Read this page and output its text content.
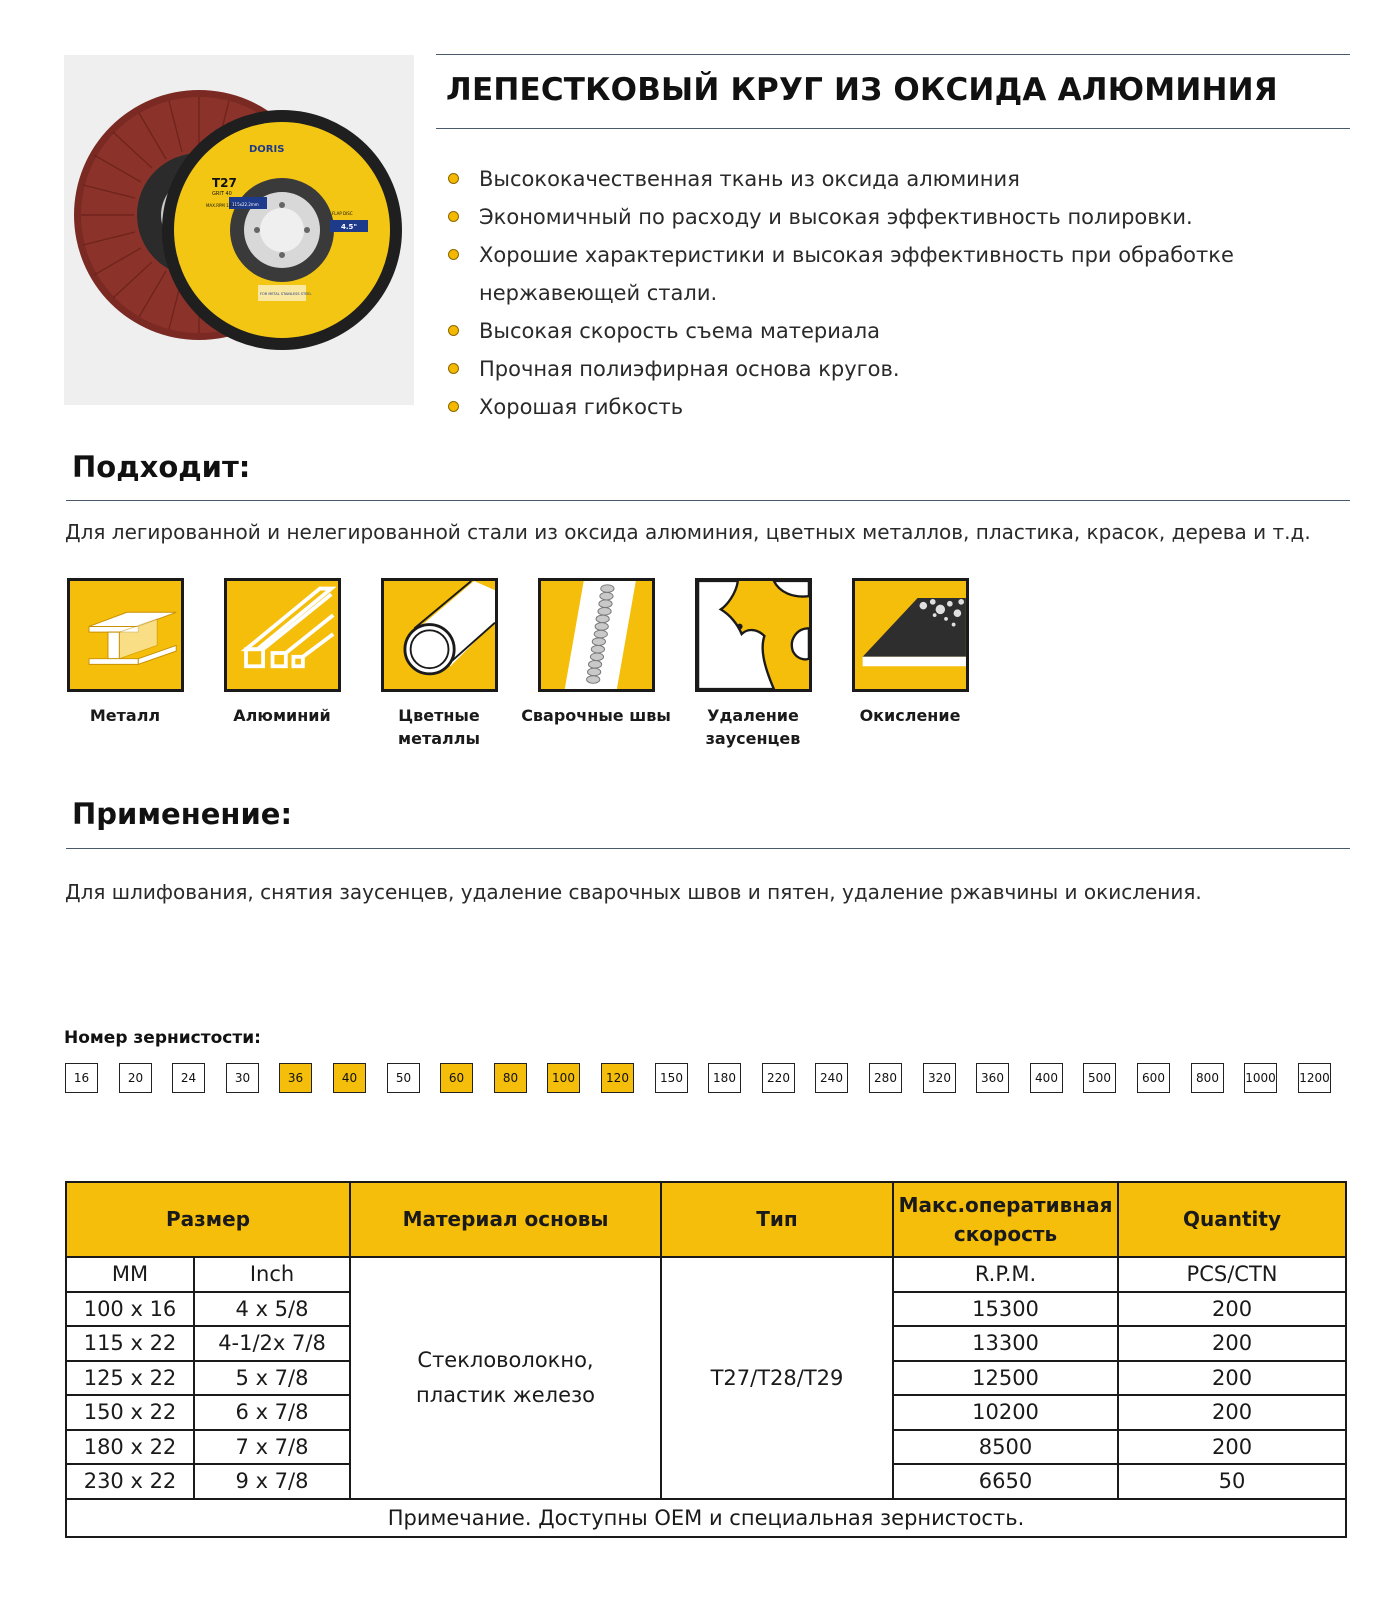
DORIS
T27
GRIT 40
MAX.RPM 13300
115x22.2mm
FLAP DISC
4.5"
FOR METAL STAINLESS STEEL
ЛЕПЕСТКОВЫЙ КРУГ ИЗ ОКСИДА АЛЮМИНИЯ
Высококачественная ткань из оксида алюминия
Экономичный по расходу и высокая эффективность полировки.
Хорошие характеристики и высокая эффективность при обработке нержавеющей стали.
Высокая скорость съема материала
Прочная полиэфирная основа кругов.
Хорошая гибкость
Подходит:
Для легированной и нелегированной стали из оксида алюминия, цветных металлов, пластика, красок, дерева и т.д.
Металл	Алюминий	Цветные металлы
Сварочные швы	Удаление заусенцев
Окисление
Применение:
Для шлифования, снятия заусенцев, удаление сварочных швов и пятен, удаление ржавчины и окисления.
Номер зернистости:
16	20	24	30	36	40	50	60	80	100	120	150	180	220	240	280	320	360	400	500	600	800	1000 1200
Размер		Материал основы	Тип	Макс.оперативная скорость	Quantity
MM	Inch	Стекловолокно, пластик железо	T27/T28/T29	R.P.M.	PCS/CTN
100 x 16	4 x 5/8			15300	200
115 x 22	4-1/2x 7/8			13300	200
125 x 22	5 x 7/8			12500	200
150 x 22	6 x 7/8			10200	200
180 x 22	7 x 7/8			8500	200
230 x 22	9 x 7/8			6650	50
Примечание. Доступны OEM и специальная зернистость.					
